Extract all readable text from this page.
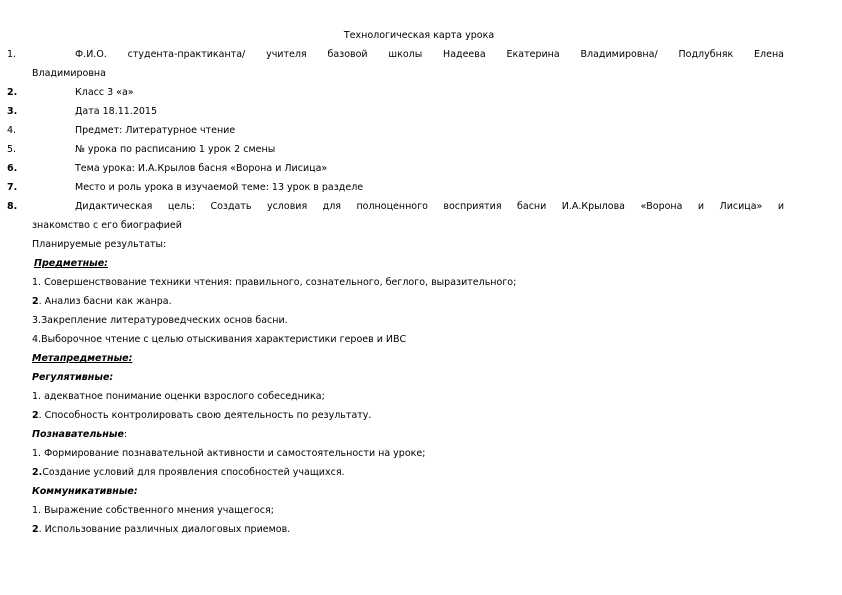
Технологическая карта урока

1.	Ф.И.О. студента-практиканта/ учителя базовой школы Надеева Екатерина Владимировна/ Подлубняк Елена
Владимировна
2.	Класс 3 «а»
3.	Дата 18.11.2015
4.	Предмет: Литературное чтение
5.	№ урока по расписанию 1 урок 2 смены
6.	Тема урока: И.А.Крылов басня «Ворона и Лисица»
7.	Место и роль урока в изучаемой теме: 13 урок в разделе
8.	Дидактическая цель: Создать условия для полноценного восприятия басни И.А.Крылова «Ворона и Лисица» и
знакомство с его биографией

Планируемые результаты:

Предметные:

1. Совершенствование техники чтения: правильного, сознательного, беглого, выразительного;

2. Анализ басни как жанра.

3.Закрепление литературоведческих основ басни.

4.Выборочное чтение с целью отыскивания характеристики героев и ИВС

Метапредметные:

Регулятивные:

1. адекватное понимание оценки взрослого собеседника;

2. Способность контролировать свою деятельность по результату.

Познавательные:

1. Формирование познавательной активности и самостоятельности на уроке;

2.Создание условий для проявления способностей учащихся.

Коммуникативные:

1. Выражение собственного мнения учащегося;

2. Использование различных диалоговых приемов.
